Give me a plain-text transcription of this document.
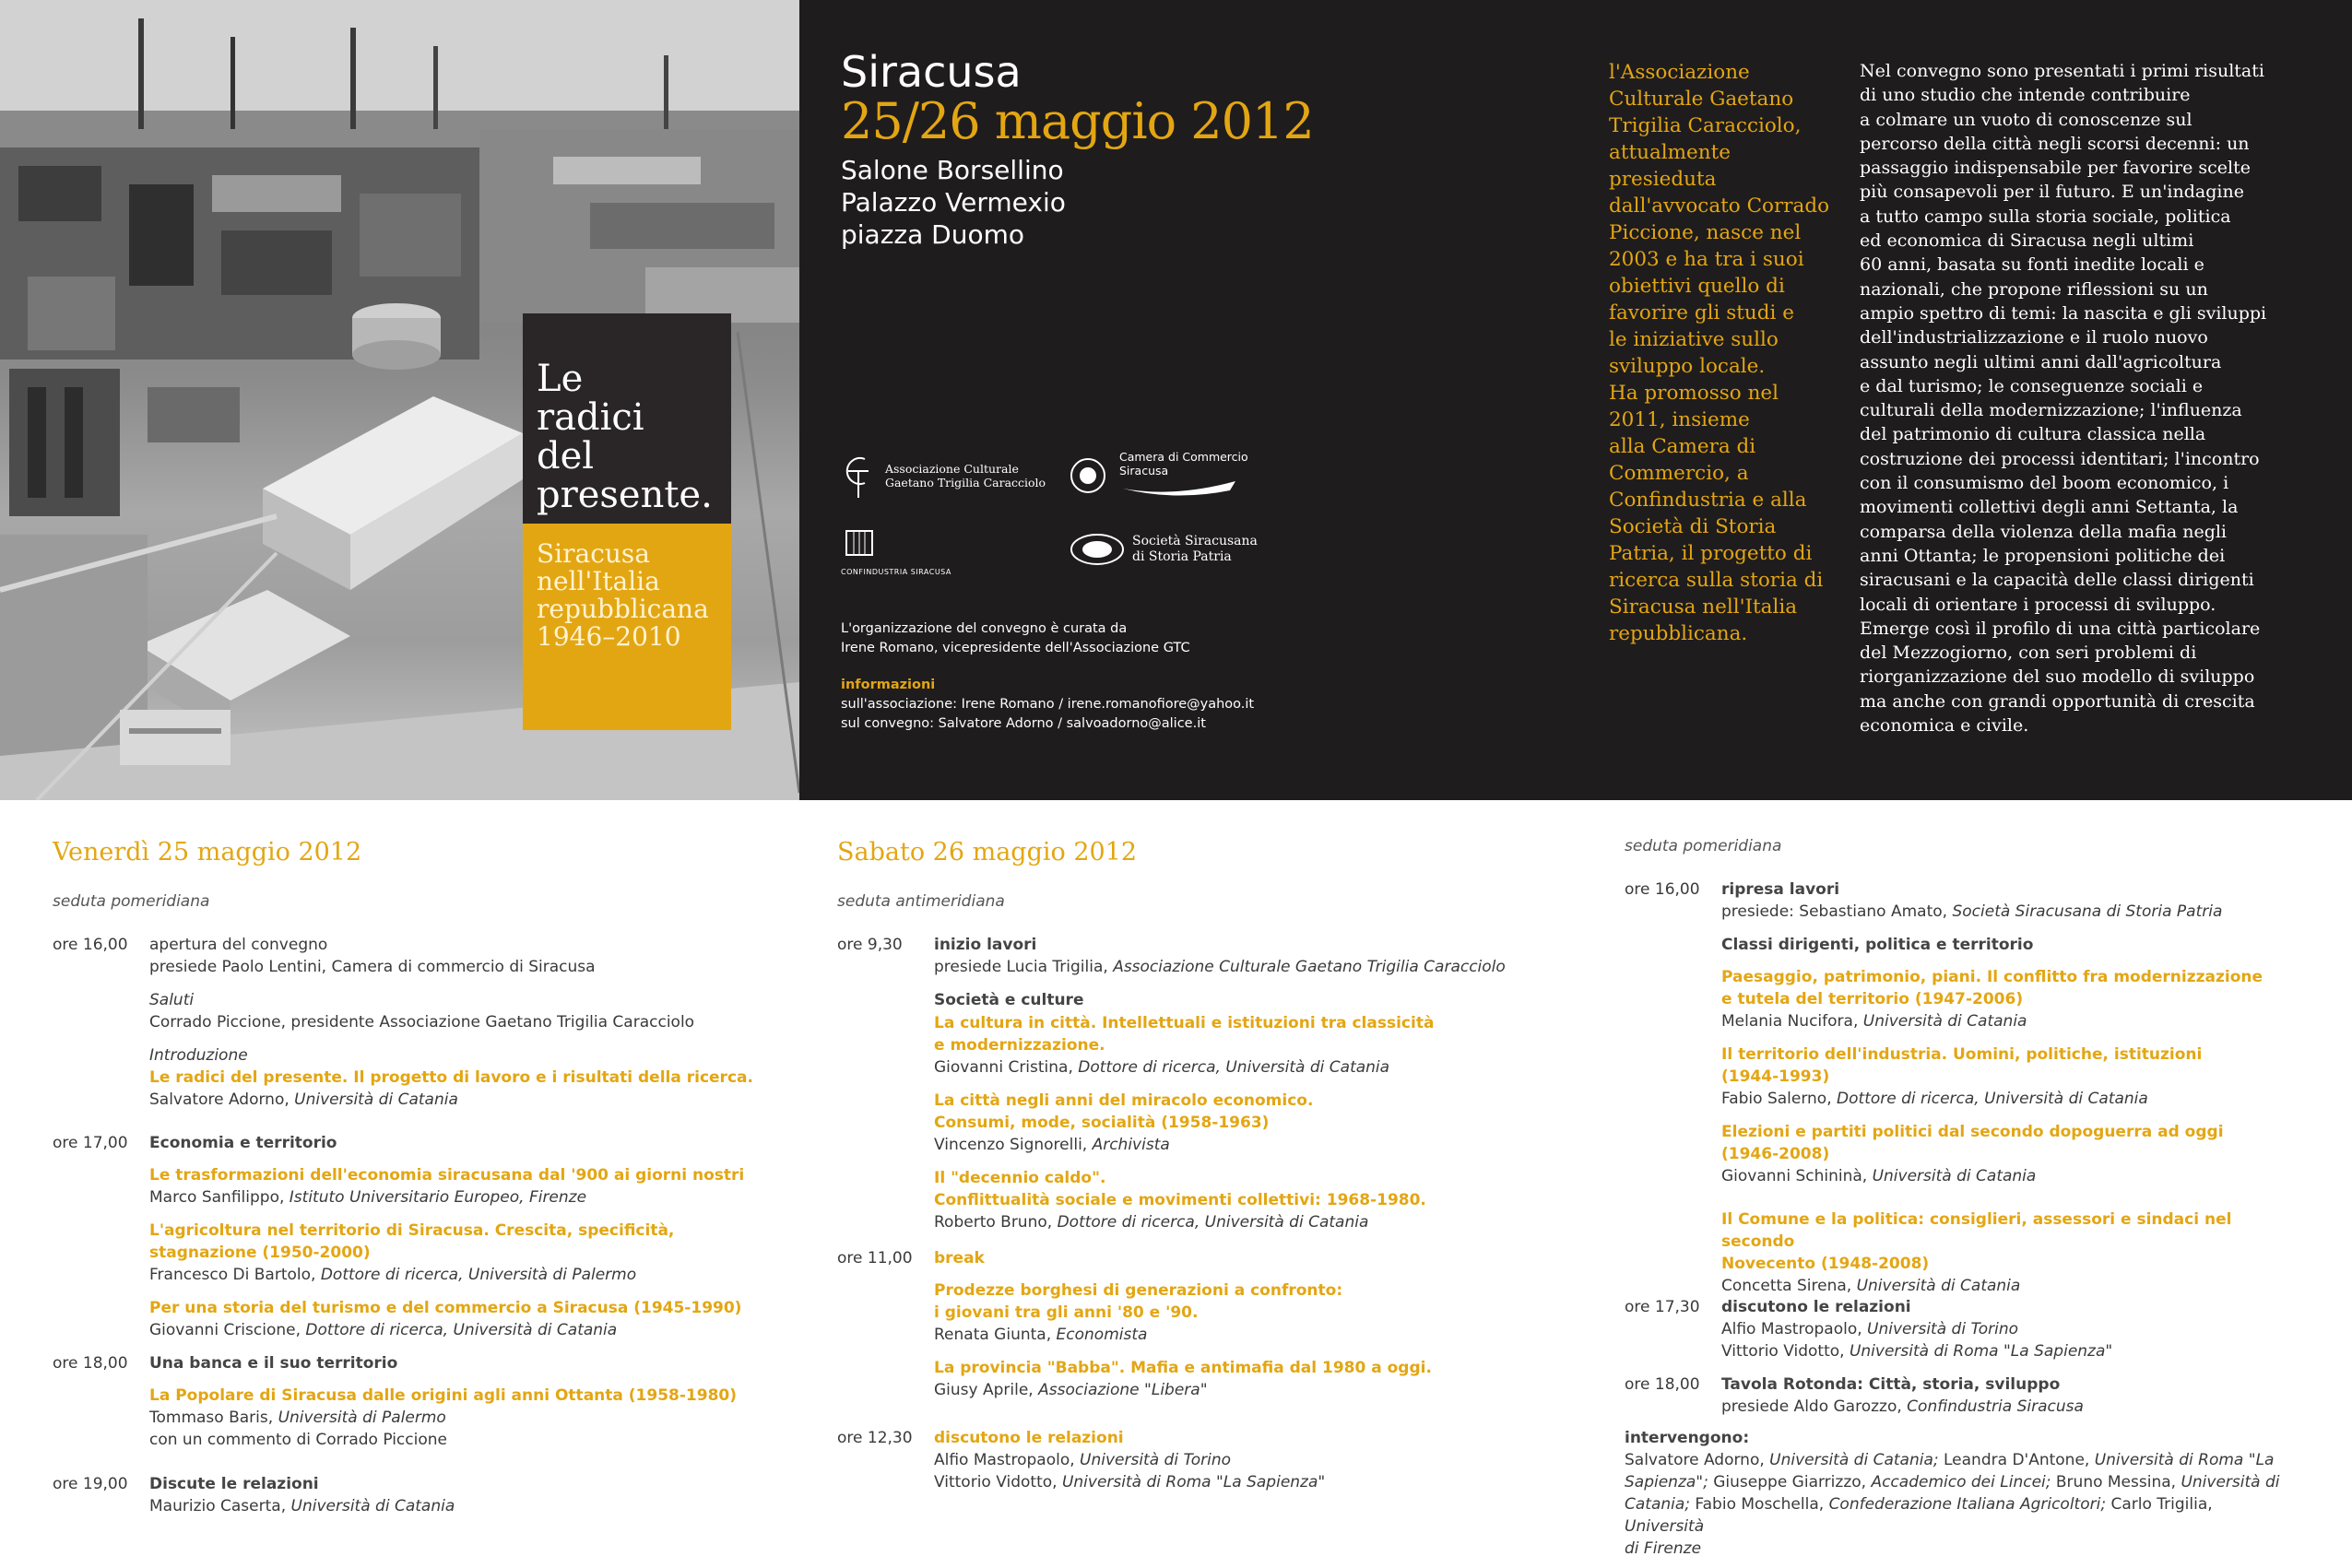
Le
radici
del
presente.
Siracusa
nell'Italia
repubblicana
1946–2010
Siracusa
25/26 maggio 2012
Salone Borsellino
Palazzo Vermexio
piazza Duomo

Associazione Culturale
Gaetano Trigilia Caracciolo

Camera di Commercio
Siracusa
CONFINDUSTRIA SIRACUSA

Società Siracusana
di Storia Patria
L'organizzazione del convegno è curata da
Irene Romano, vicepresidente dell'Associazione GTC
informazioni
sull'associazione: Irene Romano / irene.romanofiore@yahoo.it
sul convegno: Salvatore Adorno / salvoadorno@alice.it
l'Associazione
Culturale Gaetano
Trigilia Caracciolo,
attualmente
presieduta
dall'avvocato Corrado
Piccione, nasce nel
2003 e ha tra i suoi
obiettivi quello di
favorire gli studi e
le iniziative sullo
sviluppo locale.
Ha promosso nel
2011, insieme
alla Camera di
Commercio, a
Confindustria e alla
Società di Storia
Patria, il progetto di
ricerca sulla storia di
Siracusa nell'Italia
repubblicana.
Nel convegno sono presentati i primi risultati
di uno studio che intende contribuire
a colmare un vuoto di conoscenze sul
percorso della città negli scorsi decenni: un
passaggio indispensabile per favorire scelte
più consapevoli per il futuro. E un'indagine
a tutto campo sulla storia sociale, politica
ed economica di Siracusa negli ultimi
60 anni, basata su fonti inedite locali e
nazionali, che propone riflessioni su un
ampio spettro di temi: la nascita e gli sviluppi
dell'industrializzazione e il ruolo nuovo
assunto negli ultimi anni dall'agricoltura
e dal turismo; le conseguenze sociali e
culturali della modernizzazione; l'influenza
del patrimonio di cultura classica nella
costruzione dei processi identitari; l'incontro
con il consumismo del boom economico, i
movimenti collettivi degli anni Settanta, la
comparsa della violenza della mafia negli
anni Ottanta; le propensioni politiche dei
siracusani e la capacità delle classi dirigenti
locali di orientare i processi di sviluppo.
Emerge così il profilo di una città particolare
del Mezzogiorno, con seri problemi di
riorganizzazione del suo modello di sviluppo
ma anche con grandi opportunità di crescita
economica e civile.
Venerdì 25 maggio 2012
seduta pomeridiana
ore 16,00	apertura del convegno
presiede Paolo Lentini, Camera di commercio di Siracusa
Saluti
Corrado Piccione, presidente Associazione Gaetano Trigilia Caracciolo
Introduzione
Le radici del presente. Il progetto di lavoro e i risultati della ricerca.
Salvatore Adorno, Università di Catania
ore 17,00	Economia e territorio
Le trasformazioni dell'economia siracusana dal '900 ai giorni nostri
Marco Sanfilippo, Istituto Universitario Europeo, Firenze
L'agricoltura nel territorio di Siracusa. Crescita, specificità,
stagnazione (1950-2000)
Francesco Di Bartolo, Dottore di ricerca, Università di Palermo
Per una storia del turismo e del commercio a Siracusa (1945-1990)
Giovanni Criscione, Dottore di ricerca, Università di Catania
ore 18,00	Una banca e il suo territorio
La Popolare di Siracusa dalle origini agli anni Ottanta (1958-1980)
Tommaso Baris, Università di Palermo
con un commento di Corrado Piccione
ore 19,00	Discute le relazioni
Maurizio Caserta, Università di Catania
Sabato 26 maggio 2012
seduta antimeridiana
ore 9,30	inizio lavori
presiede Lucia Trigilia, Associazione Culturale Gaetano Trigilia Caracciolo
Società e culture
La cultura in città. Intellettuali e istituzioni tra classicità
e modernizzazione.
Giovanni Cristina, Dottore di ricerca, Università di Catania
La città negli anni del miracolo economico.
Consumi, mode, socialità (1958-1963)
Vincenzo Signorelli, Archivista
Il "decennio caldo".
Conflittualità sociale e movimenti collettivi: 1968-1980.
Roberto Bruno, Dottore di ricerca, Università di Catania
ore 11,00	break
Prodezze borghesi di generazioni a confronto:
i giovani tra gli anni '80 e '90.
Renata Giunta, Economista
La provincia "Babba". Mafia e antimafia dal 1980 a oggi.
Giusy Aprile, Associazione "Libera"
ore 12,30	discutono le relazioni
Alfio Mastropaolo, Università di Torino
Vittorio Vidotto, Università di Roma "La Sapienza"
seduta pomeridiana
ore 16,00	ripresa lavori
presiede: Sebastiano Amato, Società Siracusana di Storia Patria
Classi dirigenti, politica e territorio
Paesaggio, patrimonio, piani. Il conflitto fra modernizzazione
e tutela del territorio (1947-2006)
Melania Nucifora, Università di Catania
Il territorio dell'industria. Uomini, politiche, istituzioni
(1944-1993)
Fabio Salerno, Dottore di ricerca, Università di Catania
Elezioni e partiti politici dal secondo dopoguerra ad oggi
(1946-2008)
Giovanni Schininà, Università di Catania
Il Comune e la politica: consiglieri, assessori e sindaci nel secondo
Novecento (1948-2008)
Concetta Sirena, Università di Catania
ore 17,30	discutono le relazioni
Alfio Mastropaolo, Università di Torino
Vittorio Vidotto, Università di Roma "La Sapienza"
ore 18,00	Tavola Rotonda: Città, storia, sviluppo
presiede Aldo Garozzo, Confindustria Siracusa
intervengono:
Salvatore Adorno, Università di Catania; Leandra D'Antone, Università di Roma "La
Sapienza"; Giuseppe Giarrizzo, Accademico dei Lincei; Bruno Messina, Università di
Catania; Fabio Moschella, Confederazione Italiana Agricoltori; Carlo Trigilia, Università
di Firenze
